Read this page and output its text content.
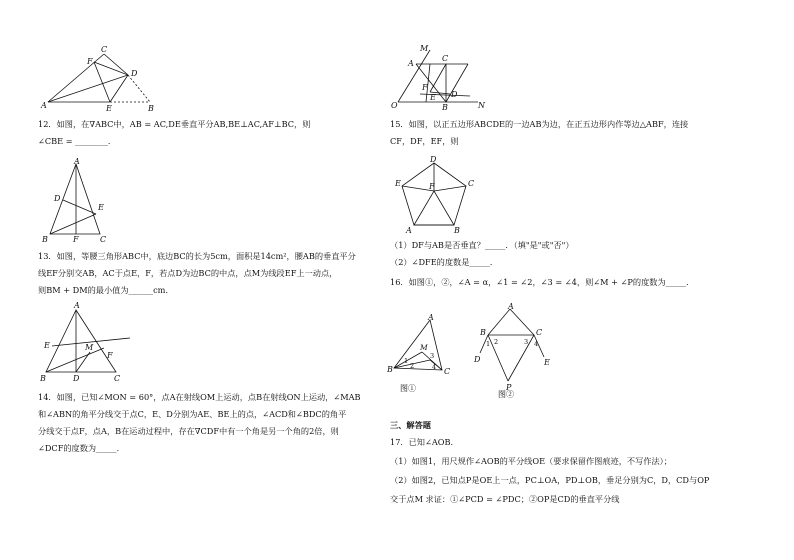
C
F
D
A	E	B
12．如图，在∇ABC中，AB = AC,DE垂直平分AB,BE⊥AC,AF⊥BC，则
∠CBE = ________．
A
D
E
B	F	C
13．如图，等腰三角形ABC中，底边BC的长为5cm，面积是14cm²，腰AB的垂直平分
线EF分别交AB，AC于点E，F，若点D为边BC的中点，点M为线段EF上一动点，
则BM + DM的最小值为______cm．
A
E
F
M
B	D	C
14．如图，已知∠MON = 60°，点A在射线OM上运动，点B在射线ON上运动，∠MAB
和∠ABN的角平分线交于点C，E、D分别为AE、BE上的点，∠ACD和∠BDC的角平
分线交于点F，点A，B在运动过程中，存在∇CDF中有一个角是另一个角的2倍，则
∠DCF的度数为_____．
M
A
C
F
D
O
E
B	N
15．如图，以正五边形ABCDE的一边AB为边，在正五边形内作等边△ABF，连接
CF，DF，EF，则
D
E	F	C
A	B
（1）DF与AB是否垂直？_____．（填"是"或"否"）
（2）∠DFE的度数是_____．
16．如图①，②，∠A = α，∠1 = ∠2，∠3 = ∠4，则∠M + ∠P的度数为_____．
A
M
3
1
2	4
B	C
图①
A
B	C
1 2	3 4
D	E
P
图②
三、解答题
17．已知∠AOB．
（1）如图1，用尺规作∠AOB的平分线OE（要求保留作图痕迹，不写作法）；
（2）如图2，已知点P是OE上一点，PC⊥OA，PD⊥OB，垂足分别为C，D，CD与OP
交于点M 求证：①∠PCD = ∠PDC；②OP是CD的垂直平分线
